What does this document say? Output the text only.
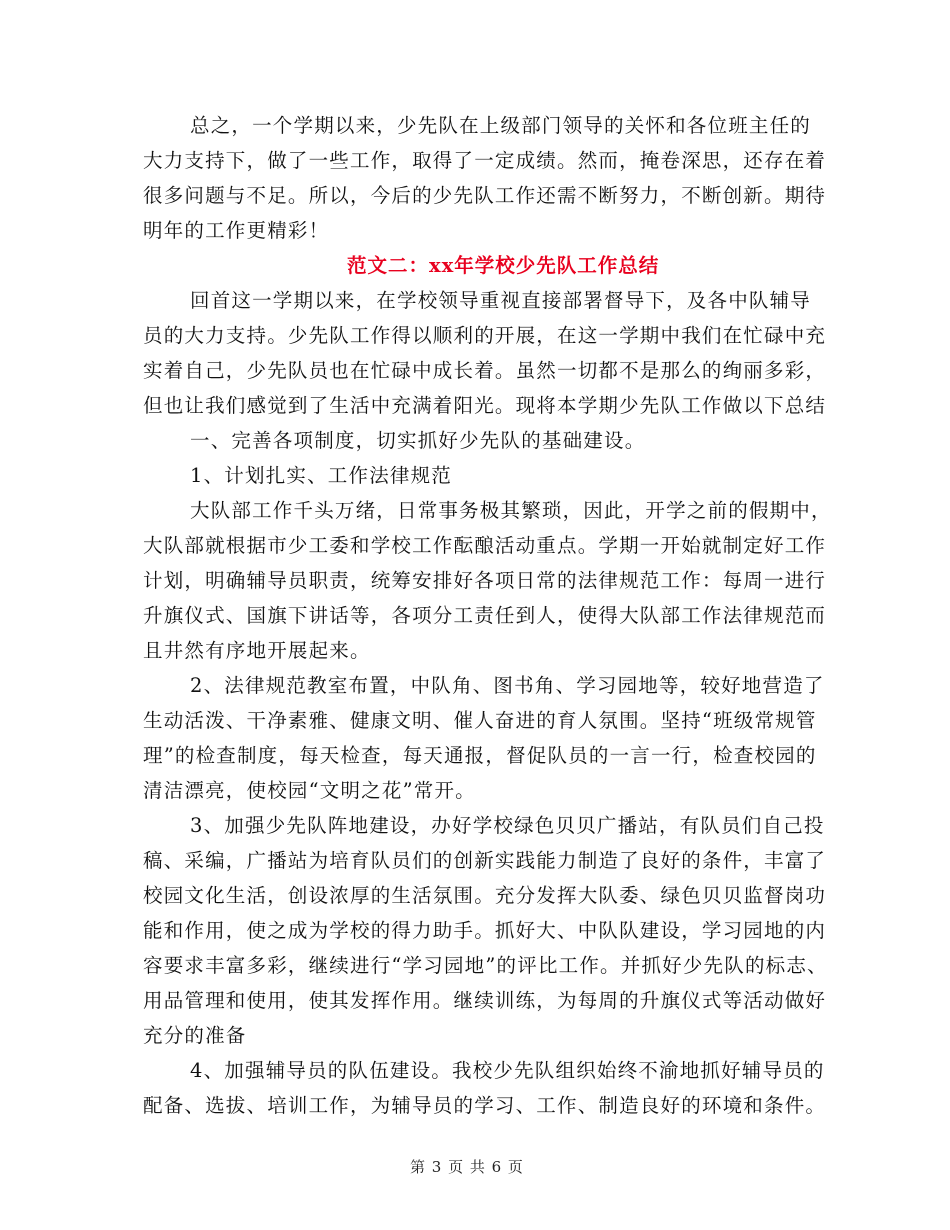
总之，一个学期以来，少先队在上级部门领导的关怀和各位班主任的
大力支持下，做了一些工作，取得了一定成绩。然而，掩卷深思，还存在着
很多问题与不足。所以，今后的少先队工作还需不断努力，不断创新。期待
明年的工作更精彩！
范文二：xx年学校少先队工作总结
回首这一学期以来，在学校领导重视直接部署督导下，及各中队辅导
员的大力支持。少先队工作得以顺利的开展，在这一学期中我们在忙碌中充
实着自己，少先队员也在忙碌中成长着。虽然一切都不是那么的绚丽多彩，
但也让我们感觉到了生活中充满着阳光。现将本学期少先队工作做以下总结
一、完善各项制度，切实抓好少先队的基础建设。
1、计划扎实、工作法律规范
大队部工作千头万绪，日常事务极其繁琐，因此，开学之前的假期中，
大队部就根据市少工委和学校工作酝酿活动重点。学期一开始就制定好工作
计划，明确辅导员职责，统筹安排好各项日常的法律规范工作：每周一进行
升旗仪式、国旗下讲话等，各项分工责任到人，使得大队部工作法律规范而
且井然有序地开展起来。
2、法律规范教室布置，中队角、图书角、学习园地等，较好地营造了
生动活泼、干净素雅、健康文明、催人奋进的育人氛围。坚持“班级常规管
理”的检查制度，每天检查，每天通报，督促队员的一言一行，检查校园的
清洁漂亮，使校园“文明之花”常开。
3、加强少先队阵地建设，办好学校绿色贝贝广播站，有队员们自己投
稿、采编，广播站为培育队员们的创新实践能力制造了良好的条件，丰富了
校园文化生活，创设浓厚的生活氛围。充分发挥大队委、绿色贝贝监督岗功
能和作用，使之成为学校的得力助手。抓好大、中队队建设，学习园地的内
容要求丰富多彩，继续进行“学习园地”的评比工作。并抓好少先队的标志、
用品管理和使用，使其发挥作用。继续训练，为每周的升旗仪式等活动做好
充分的准备
4、加强辅导员的队伍建设。我校少先队组织始终不渝地抓好辅导员的
配备、选拔、培训工作，为辅导员的学习、工作、制造良好的环境和条件。
第 3 页 共 6 页
